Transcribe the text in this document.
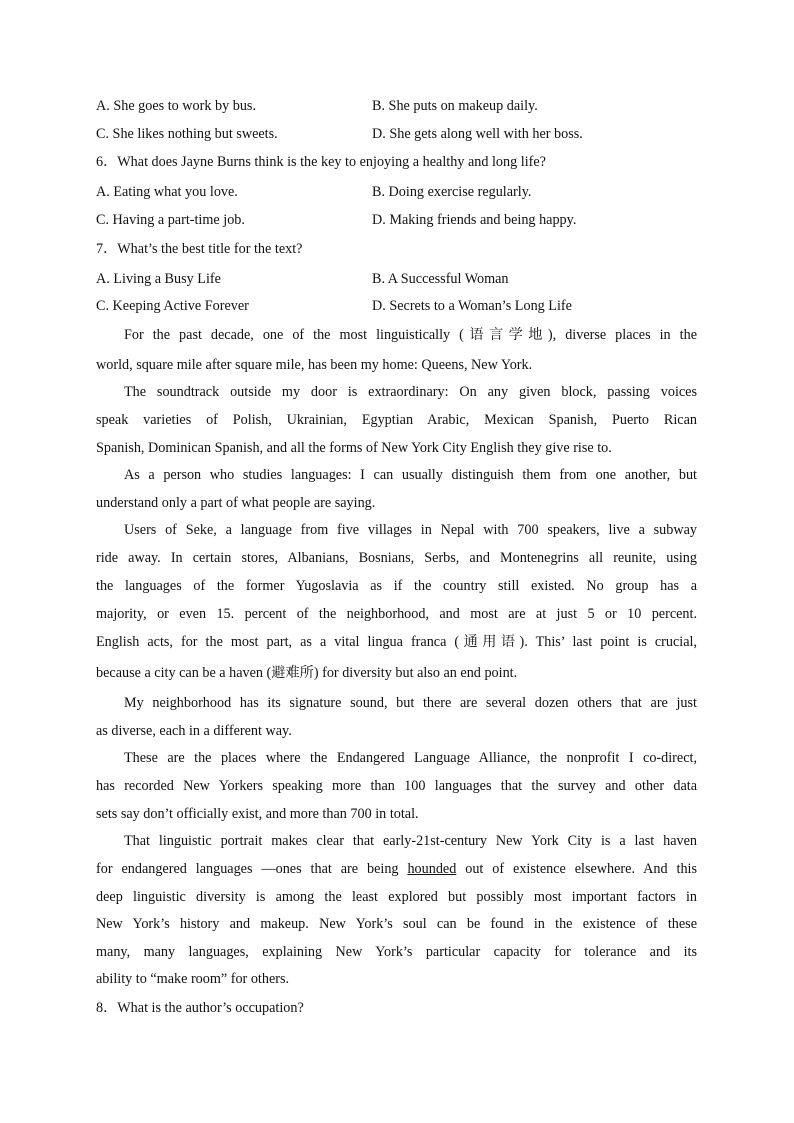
A. She goes to work by bus.	B. She puts on makeup daily.
C. She likes nothing but sweets.	D. She gets along well with her boss.
6．What does Jayne Burns think is the key to enjoying a healthy and long life?
A. Eating what you love.	B. Doing exercise regularly.
C. Having a part-time job.	D. Making friends and being happy.
7．What’s the best title for the text?
A. Living a Busy Life	B. A Successful Woman
C. Keeping Active Forever	D. Secrets to a Woman’s Long Life
For the past decade, one of the most linguistically (语言学地), diverse places in the
world, square mile after square mile, has been my home: Queens, New York.
The soundtrack outside my door is extraordinary: On any given block, passing voices
speak varieties of Polish, Ukrainian, Egyptian Arabic, Mexican Spanish, Puerto Rican
Spanish, Dominican Spanish, and all the forms of New York City English they give rise to.
As a person who studies languages: I can usually distinguish them from one another, but
understand only a part of what people are saying.
Users of Seke, a language from five villages in Nepal with 700 speakers, live a subway
ride away. In certain stores, Albanians, Bosnians, Serbs, and Montenegrins all reunite, using
the languages of the former Yugoslavia as if the country still existed. No group has a
majority, or even 15. percent of the neighborhood, and most are at just 5 or 10 percent.
English acts, for the most part, as a vital lingua franca (通用语). This’ last point is crucial,
because a city can be a haven (避难所) for diversity but also an end point.
My neighborhood has its signature sound, but there are several dozen others that are just
as diverse, each in a different way.
These are the places where the Endangered Language Alliance, the nonprofit I co-direct,
has recorded New Yorkers speaking more than 100 languages that the survey and other data
sets say don’t officially exist, and more than 700 in total.
That linguistic portrait makes clear that early-21st-century New York City is a last haven
for endangered languages —ones that are being hounded out of existence elsewhere. And this
deep linguistic diversity is among the least explored but possibly most important factors in
New York’s history and makeup. New York’s soul can be found in the existence of these
many, many languages, explaining New York’s particular capacity for tolerance and its
ability to “make room” for others.
8．What is the author’s occupation?
